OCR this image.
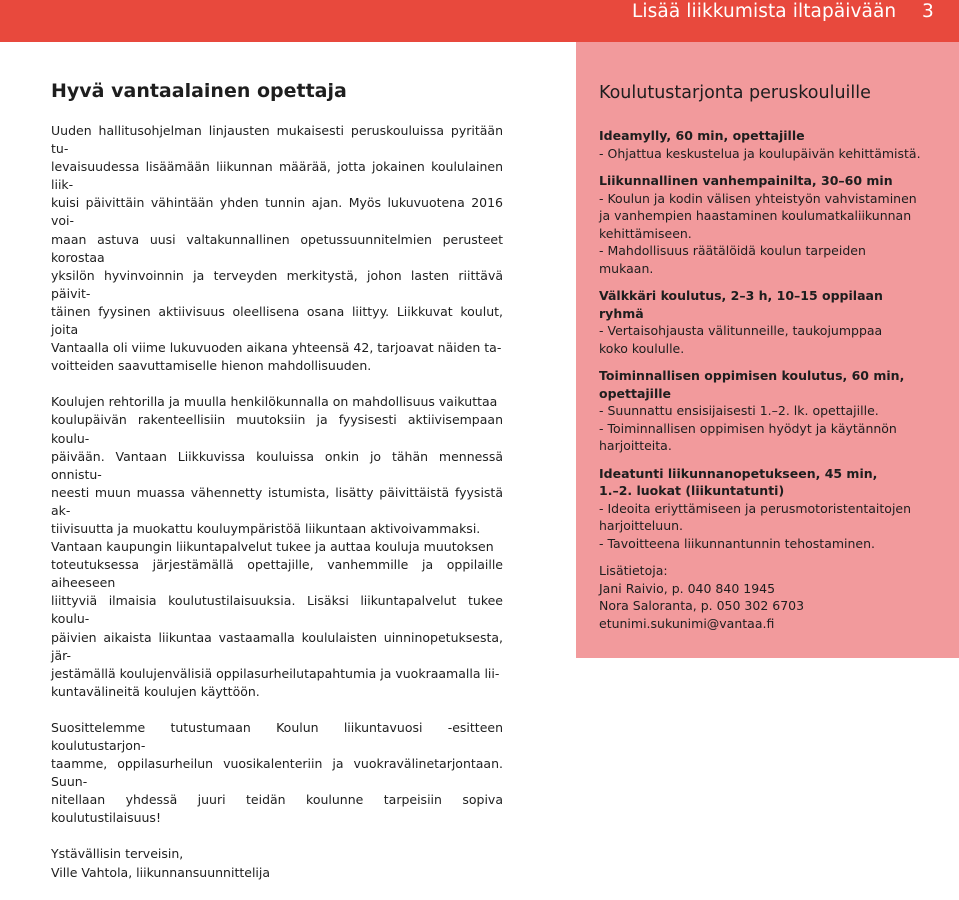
Lisää liikkumista iltapäivään 3
Hyvä vantaalainen opettaja

Uuden hallitusohjelman linjausten mukaisesti peruskouluissa pyritään tu-
levaisuudessa lisäämään liikunnan määrää, jotta jokainen koululainen liik-
kuisi päivittäin vähintään yhden tunnin ajan. Myös lukuvuotena 2016 voi-
maan astuva uusi valtakunnallinen opetussuunnitelmien perusteet korostaa
yksilön hyvinvoinnin ja terveyden merkitystä, johon lasten riittävä päivit-
täinen fyysinen aktiivisuus oleellisena osana liittyy. Liikkuvat koulut, joita
Vantaalla oli viime lukuvuoden aikana yhteensä 42, tarjoavat näiden ta-
voitteiden saavuttamiselle hienon mahdollisuuden.

Koulujen rehtorilla ja muulla henkilökunnalla on mahdollisuus vaikuttaa
koulupäivän rakenteellisiin muutoksiin ja fyysisesti aktiivisempaan koulu-
päivään. Vantaan Liikkuvissa kouluissa onkin jo tähän mennessä onnistu-
neesti muun muassa vähennetty istumista, lisätty päivittäistä fyysistä ak-
tiivisuutta ja muokattu kouluympäristöä liikuntaan aktivoivammaksi.
Vantaan kaupungin liikuntapalvelut tukee ja auttaa kouluja muutoksen
toteutuksessa järjestämällä opettajille, vanhemmille ja oppilaille aiheeseen
liittyviä ilmaisia koulutustilaisuuksia. Lisäksi liikuntapalvelut tukee koulu-
päivien aikaista liikuntaa vastaamalla koululaisten uinninopetuksesta, jär-
jestämällä koulujenvälisiä oppilasurheilutapahtumia ja vuokraamalla lii-
kuntavälineitä koulujen käyttöön.

Suosittelemme tutustumaan Koulun liikuntavuosi -esitteen koulutustarjon-
taamme, oppilasurheilun vuosikalenteriin ja vuokravälinetarjontaan. Suun-
nitellaan yhdessä juuri teidän koulunne tarpeisiin sopiva koulutustilaisuus!

Ystävällisin terveisin,
Ville Vahtola, liikunnansuunnittelija

Koulutustarjonta peruskouluille
Ideamylly, 60 min, opettajille
- Ohjattua keskustelua ja koulupäivän kehittämistä.
Liikunnallinen vanhempainilta, 30–60 min
- Koulun ja kodin välisen yhteistyön vahvistaminen
ja vanhempien haastaminen koulumatkaliikunnan
kehittämiseen.
- Mahdollisuus räätälöidä koulun tarpeiden mukaan.
Välkkäri koulutus, 2–3 h, 10–15 oppilaan ryhmä
- Vertaisohjausta välitunneille, taukojumppaa
koko koululle.
Toiminnallisen oppimisen koulutus, 60 min,
opettajille
- Suunnattu ensisijaisesti 1.–2. lk. opettajille.
- Toiminnallisen oppimisen hyödyt ja käytännön
harjoitteita.
Ideatunti liikunnanopetukseen, 45 min,
1.–2. luokat (liikuntatunti)
- Ideoita eriyttämiseen ja perusmotoristentaitojen
harjoitteluun.
- Tavoitteena liikunnantunnin tehostaminen.
Lisätietoja:
Jani Raivio, p. 040 840 1945
Nora Saloranta, p. 050 302 6703
etunimi.sukunimi@vantaa.fi
